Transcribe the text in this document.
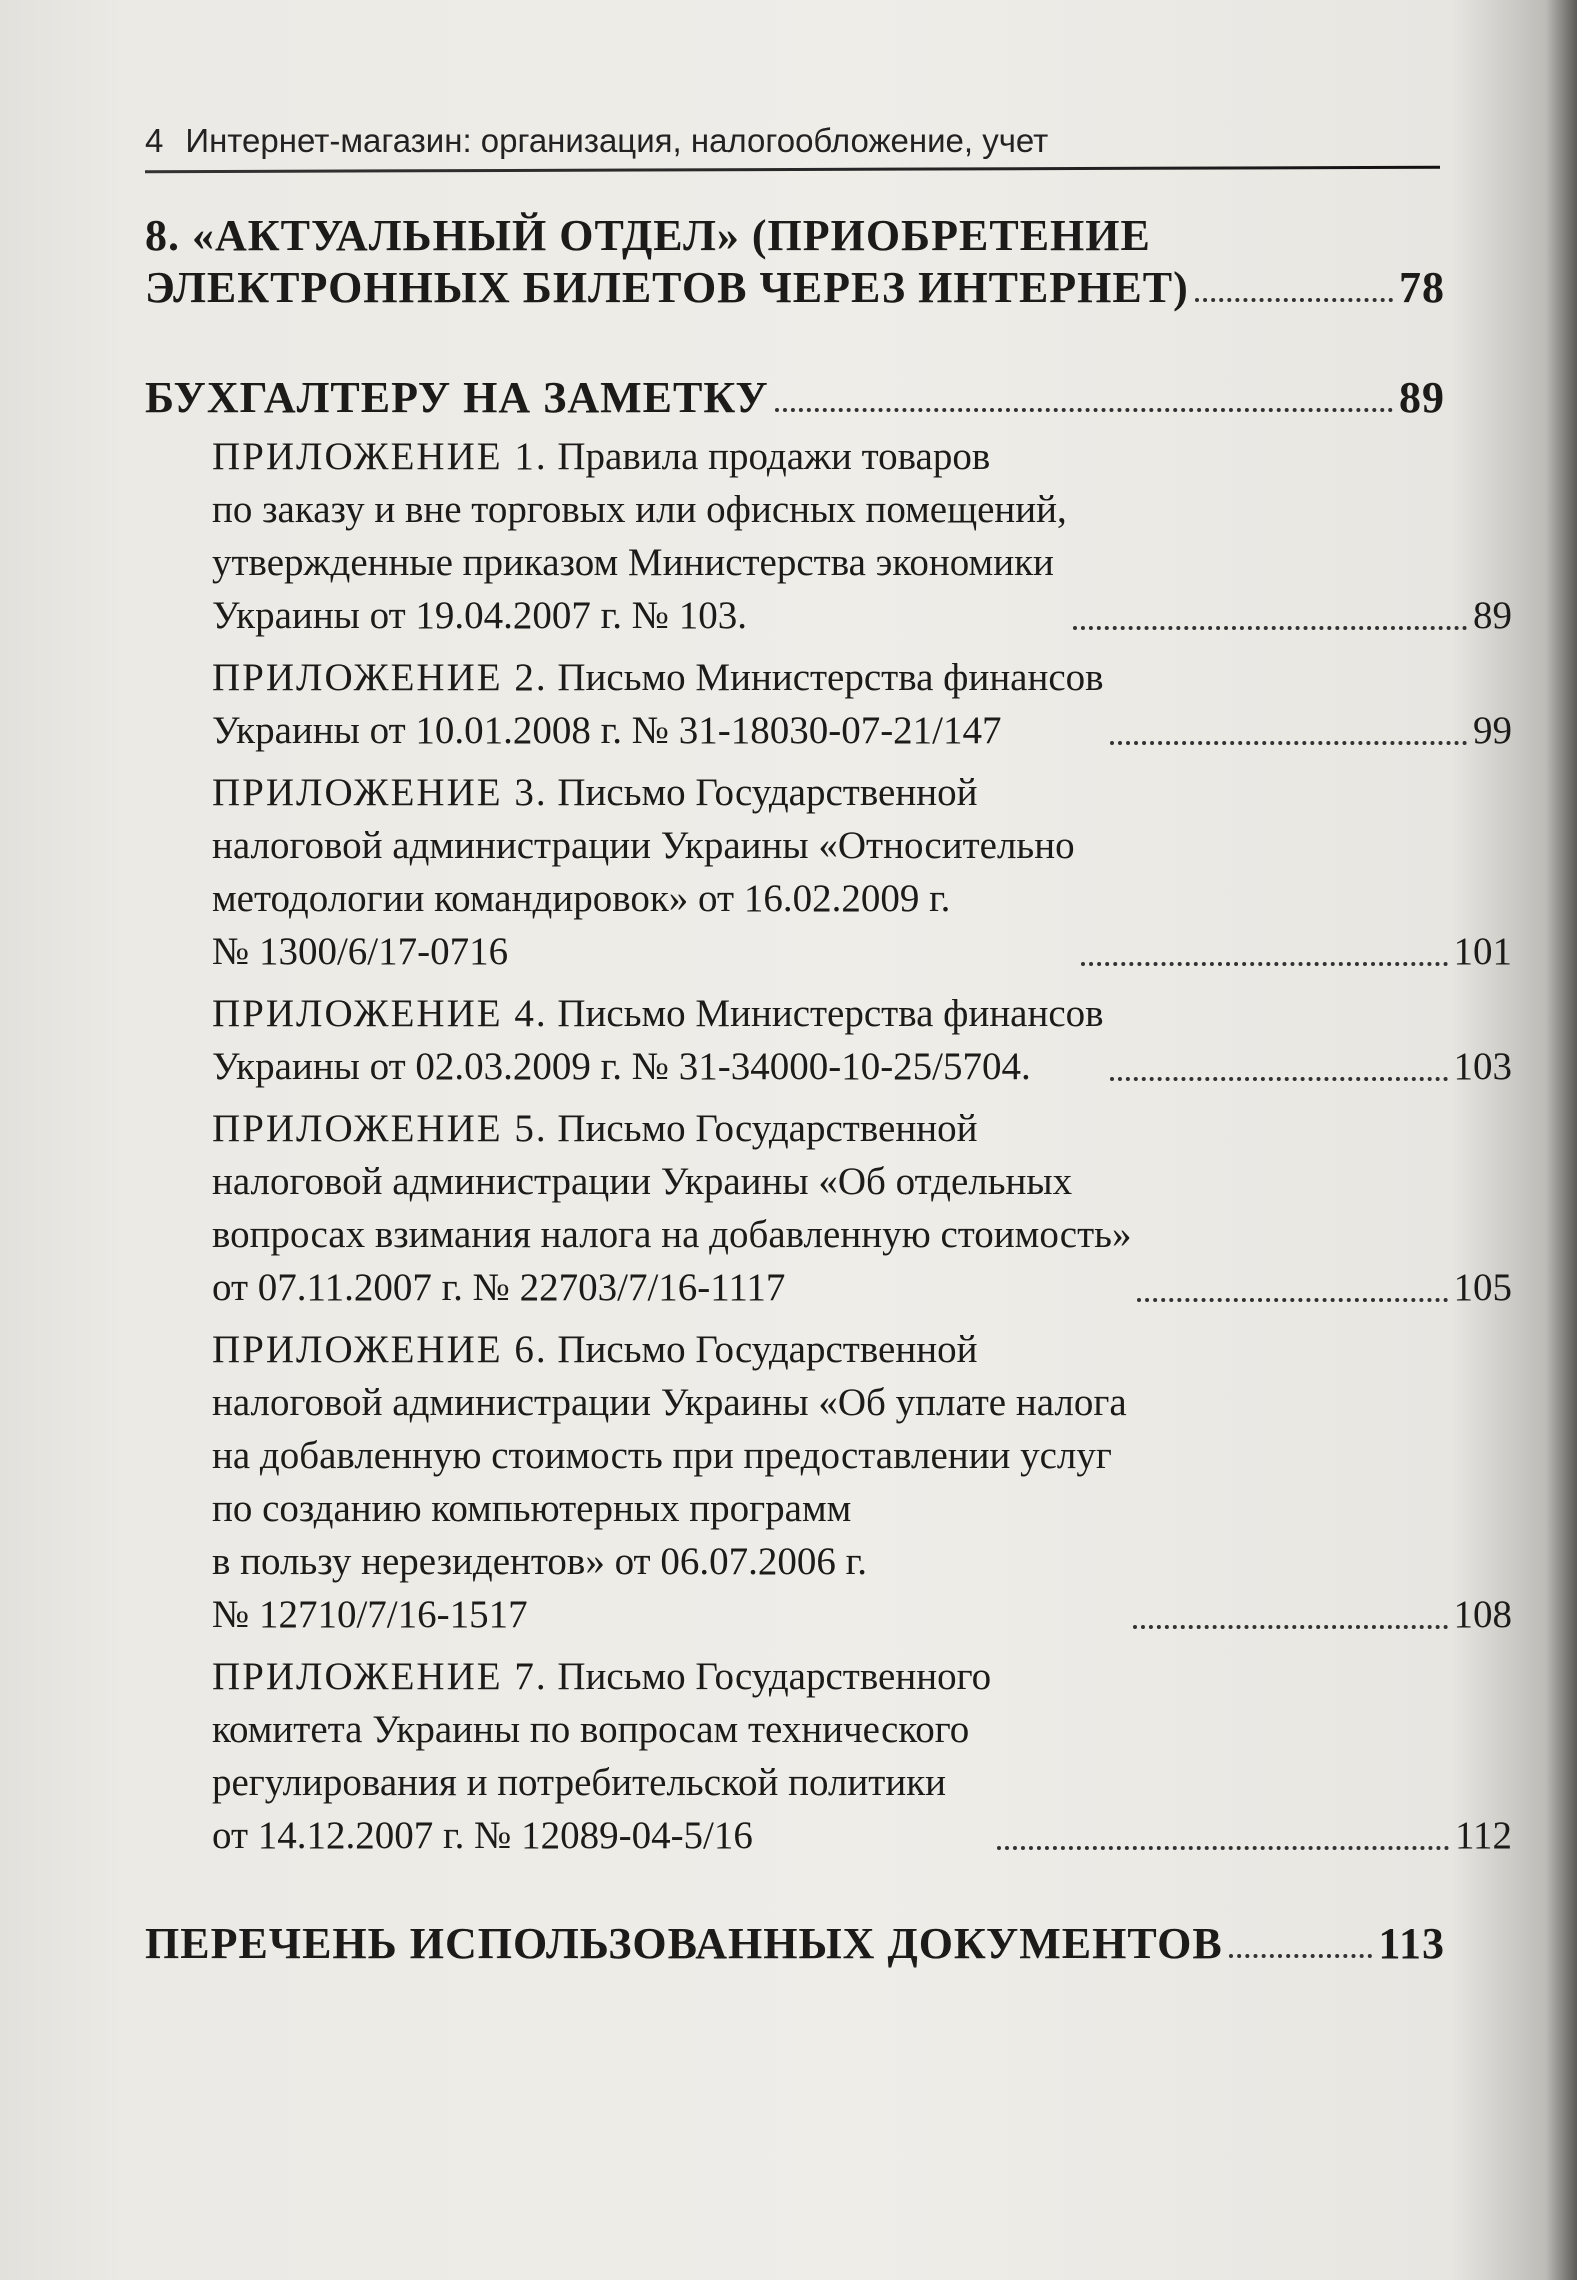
4 Интернет-магазин: организация, налогообложение, учет
8. «АКТУАЛЬНЫЙ ОТДЕЛ» (ПРИОБРЕТЕНИЕ
ЭЛЕКТРОННЫХ БИЛЕТОВ ЧЕРЕЗ ИНТЕРНЕТ)	78
БУХГАЛТЕРУ НА ЗАМЕТКУ	89
ПРИЛОЖЕНИЕ 1. Правила продажи товаров
по заказу и вне торговых или офисных помещений,
утвержденные приказом Министерства экономики
Украины от 19.04.2007 г. № 103.	89
ПРИЛОЖЕНИЕ 2. Письмо Министерства финансов
Украины от 10.01.2008 г. № 31-18030-07-21/147	99
ПРИЛОЖЕНИЕ 3. Письмо Государственной
налоговой администрации Украины «Относительно
методологии командировок» от 16.02.2009 г.
№ 1300/6/17-0716	101
ПРИЛОЖЕНИЕ 4. Письмо Министерства финансов
Украины от 02.03.2009 г. № 31-34000-10-25/5704.	103
ПРИЛОЖЕНИЕ 5. Письмо Государственной
налоговой администрации Украины «Об отдельных
вопросах взимания налога на добавленную стоимость»
от 07.11.2007 г. № 22703/7/16-1117	105
ПРИЛОЖЕНИЕ 6. Письмо Государственной
налоговой администрации Украины «Об уплате налога
на добавленную стоимость при предоставлении услуг
по созданию компьютерных программ
в пользу нерезидентов» от 06.07.2006 г.
№ 12710/7/16-1517	108
ПРИЛОЖЕНИЕ 7. Письмо Государственного
комитета Украины по вопросам технического
регулирования и потребительской политики
от 14.12.2007 г. № 12089-04-5/16	112
ПЕРЕЧЕНЬ ИСПОЛЬЗОВАННЫХ ДОКУМЕНТОВ	113
